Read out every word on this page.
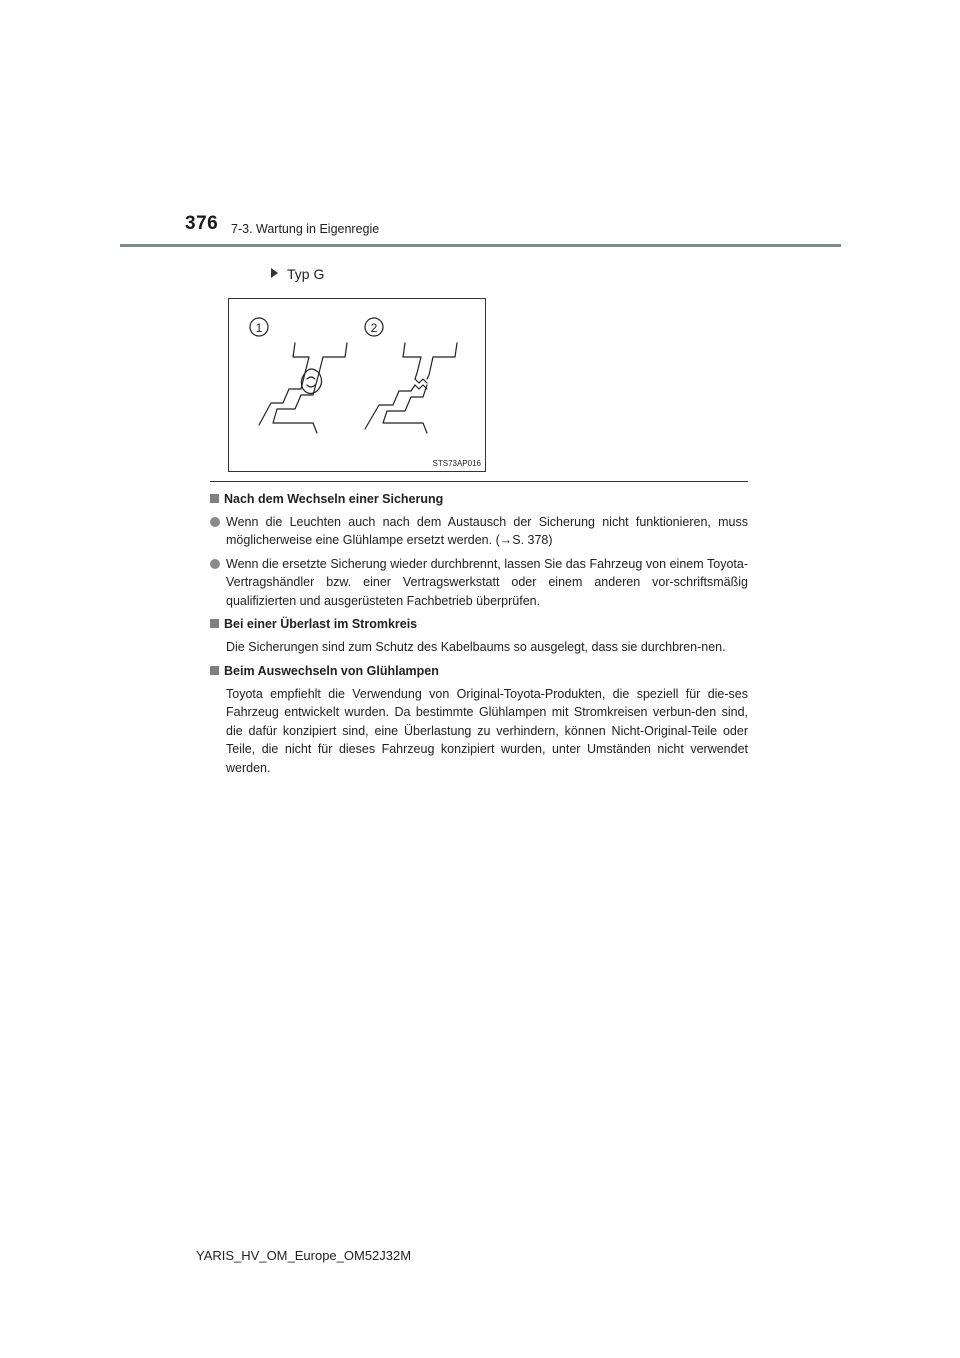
376 7-3. Wartung in Eigenregie
Typ G
1	2
STS73AP016
Nach dem Wechseln einer Sicherung
Wenn die Leuchten auch nach dem Austausch der Sicherung nicht funktionieren, muss möglicherweise eine Glühlampe ersetzt werden. (→S. 378)
Wenn die ersetzte Sicherung wieder durchbrennt, lassen Sie das Fahrzeug von einem Toyota-Vertragshändler bzw. einer Vertragswerkstatt oder einem anderen vor-schriftsmäßig qualifizierten und ausgerüsteten Fachbetrieb überprüfen.
Bei einer Überlast im Stromkreis
Die Sicherungen sind zum Schutz des Kabelbaums so ausgelegt, dass sie durchbren-nen.
Beim Auswechseln von Glühlampen
Toyota empfiehlt die Verwendung von Original-Toyota-Produkten, die speziell für die-ses Fahrzeug entwickelt wurden. Da bestimmte Glühlampen mit Stromkreisen verbun-den sind, die dafür konzipiert sind, eine Überlastung zu verhindern, können Nicht-Original-Teile oder Teile, die nicht für dieses Fahrzeug konzipiert wurden, unter Umständen nicht verwendet werden.
YARIS_HV_OM_Europe_OM52J32M
